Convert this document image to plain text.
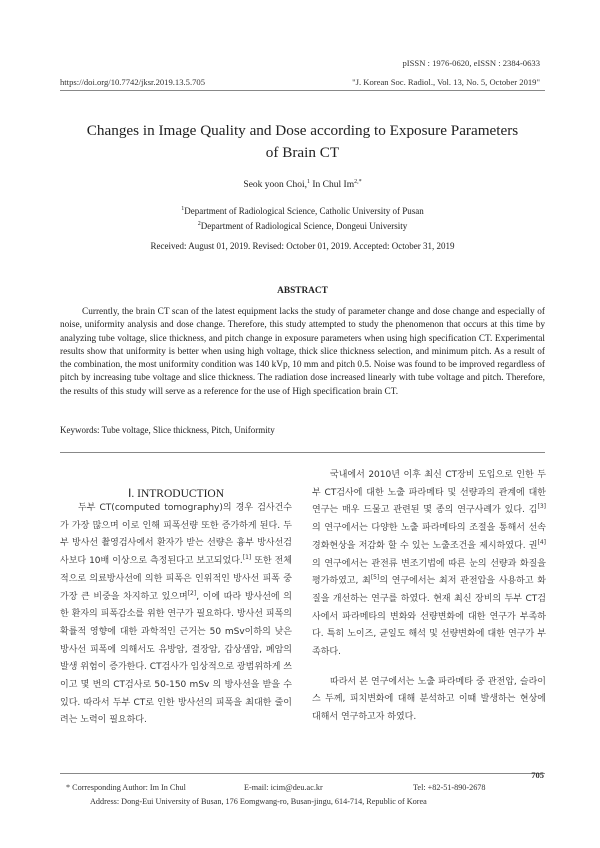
pISSN : 1976-0620, eISSN : 2384-0633
https://doi.org/10.7742/jksr.2019.13.5.705	"J. Korean Soc. Radiol., Vol. 13, No. 5, October 2019"
Changes in Image Quality and Dose according to Exposure Parameters
of Brain CT
Seok yoon Choi,$^1$ In Chul $Im^{2,*}$
$^1$Department of Radiological Science, Catholic University of Pusan
$^2$Department of Radiological Science, Dongeui University
Received: August 01, 2019. Revised: October 01, 2019. Accepted: October 31, 2019
ABSTRACT
Currently, the brain CT scan of the latest equipment lacks the study of parameter change and dose change and especially of noise, uniformity analysis and dose change. Therefore, this study attempted to study the phenomenon that occurs at this time by analyzing tube voltage, slice thickness, and pitch change in exposure parameters when using high specification CT. Experimental results show that uniformity is better when using high voltage, thick slice thickness selection, and minimum pitch. As a result of the combination, the most uniformity condition was 140 kVp, 10 mm and pitch 0.5. Noise was found to be improved regardless of pitch by increasing tube voltage and slice thickness. The radiation dose increased linearly with tube voltage and pitch. Therefore, the results of this study will serve as a reference for the use of High specification brain CT.
Keywords: Tube voltage, Slice thickness, Pitch, Uniformity
Ⅰ. INTRODUCTION
두부 CT(computed tomography)의 경우 검사건수가 가장 많으며 이로 인해 피폭선량 또한 증가하게 된다. 두부 방사선 촬영검사에서 환자가 받는 선량은 흉부 방사선검사보다 10배 이상으로 측정된다고 보고되었다.[1] 또한 전체적으로 의료방사선에 의한 피폭은 인위적인 방사선 피폭 중 가장 큰 비중을 차지하고 있으며[2], 이에 따라 방사선에 의한 환자의 피폭감소를 위한 연구가 필요하다. 방사선 피폭의 확률적 영향에 대한 과학적인 근거는 50 mSv이하의 낮은 방사선 피폭에 의해서도 유방암, 결장암, 갑상샘암, 폐암의 발생 위험이 증가한다. CT검사가 임상적으로 광범위하게 쓰이고 몇 번의 CT검사로 50-150 mSv 의 방사선을 받을 수 있다. 따라서 두부 CT로 인한 방사선의 피폭을 최대한 줄이려는 노력이 필요하다.
국내에서 2010년 이후 최신 CT장비 도입으로 인한 두부 CT검사에 대한 노출 파라메타 및 선량과의 관계에 대한 연구는 매우 드물고 관련된 몇 종의 연구사례가 있다. 김[3]의 연구에서는 다양한 노출 파라메타의 조절을 통해서 선속경화현상을 저감화 할 수 있는 노출조건을 제시하였다. 권[4]의 연구에서는 관전류 변조기법에 따른 눈의 선량과 화질을 평가하였고, 최[5]의 연구에서는 최저 관전압을 사용하고 화질을 개선하는 연구를 하였다. 현재 최신 장비의 두부 CT검사에서 파라메타의 변화와 선량변화에 대한 연구가 부족하다. 특히 노이즈, 균일도 해석 및 선량변화에 대한 연구가 부족하다.
따라서 본 연구에서는 노출 파라메타 중 관전압, 슬라이스 두께, 피치변화에 대해 분석하고 이때 발생하는 현상에 대해서 연구하고자 하였다.
705
* Corresponding Author: Im In Chul	E-mail: icim@deu.ac.kr	Tel: +82-51-890-2678
Address: Dong-Eui University of Busan, 176 Eomgwang-ro, Busan-jingu, 614-714, Republic of Korea
